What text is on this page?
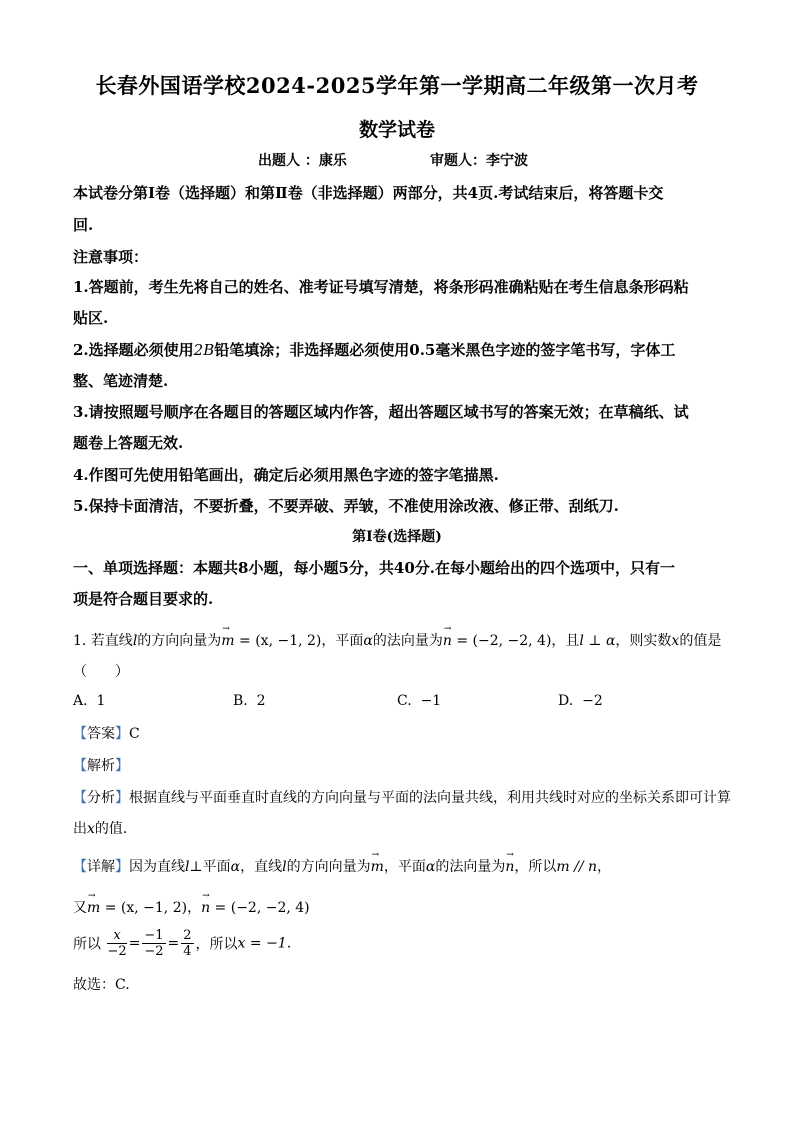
长春外国语学校2024-2025学年第一学期高二年级第一次月考
数学试卷
出题人 ：康乐	审题人：李宁波
本试卷分第Ⅰ卷（选择题）和第Ⅱ卷（非选择题）两部分，共4页.考试结束后，将答题卡交
回.
注意事项：
1.答题前，考生先将自己的姓名、准考证号填写清楚，将条形码准确粘贴在考生信息条形码粘
贴区.
2.选择题必须使用2B铅笔填涂；非选择题必须使用0.5毫米黑色字迹的签字笔书写，字体工
整、笔迹清楚.
3.请按照题号顺序在各题目的答题区域内作答，超出答题区域书写的答案无效；在草稿纸、试
题卷上答题无效.
4.作图可先使用铅笔画出，确定后必须用黑色字迹的签字笔描黑.
5.保持卡面清洁，不要折叠，不要弄破、弄皱，不准使用涂改液、修正带、刮纸刀.
第Ⅰ卷(选择题)
一、单项选择题：本题共8小题，每小题5分，共40分.在每小题给出的四个选项中，只有一
项是符合题目要求的.
1. 若直线l的方向向量为
→
m = (x, −1, 2)，平面α的法向量为
→
n = (−2, −2, 4)，且l ⊥ α，则实数x的值是
（　　）
A. 1	B. 2	C. −1	D. −2
【答案】C
【解析】
【分析】根据直线与平面垂直时直线的方向向量与平面的法向量共线，利用共线时对应的坐标关系即可计算
出x的值.
【详解】因为直线l⊥平面α，直线l的方向向量为
→
m，平面α的法向量为
→
n，所以m // n，
又
→
m = (x, −1, 2)，
→
n = (−2, −2, 4)
所以 $\frac{x}{-2} = \frac{-1}{-2} = \frac{2}{4}$ ，所以x = −1.
故选：C.
